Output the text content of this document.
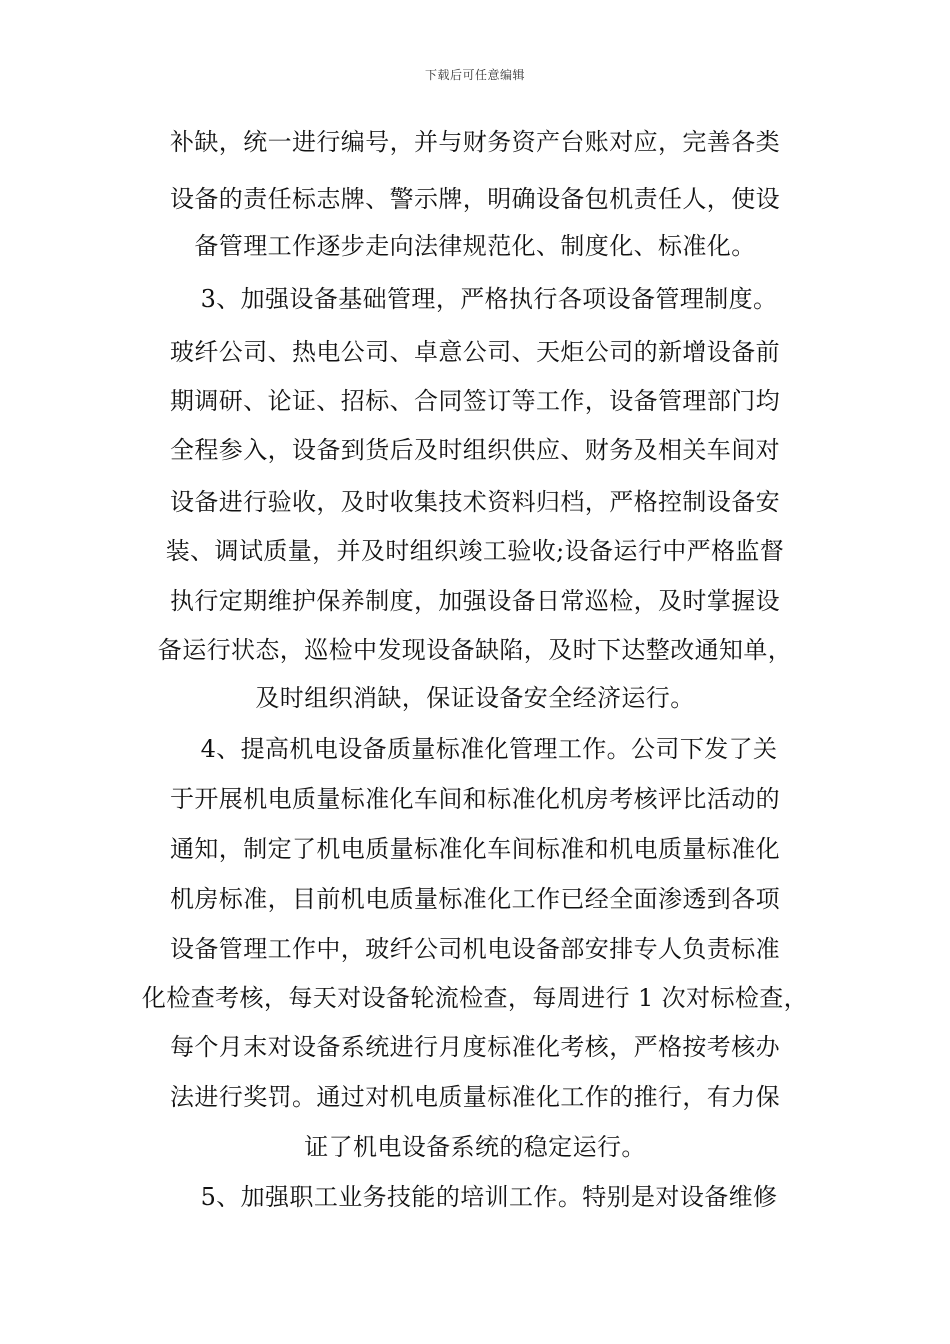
下载后可任意编辑
补缺，统一进行编号，并与财务资产台账对应，完善各类
设备的责任标志牌、警示牌，明确设备包机责任人，使设
备管理工作逐步走向法律规范化、制度化、标准化。
3、加强设备基础管理，严格执行各项设备管理制度。
玻纤公司、热电公司、卓意公司、天炬公司的新增设备前
期调研、论证、招标、合同签订等工作，设备管理部门均
全程参入，设备到货后及时组织供应、财务及相关车间对
设备进行验收，及时收集技术资料归档，严格控制设备安
装、调试质量，并及时组织竣工验收;设备运行中严格监督
执行定期维护保养制度，加强设备日常巡检，及时掌握设
备运行状态，巡检中发现设备缺陷，及时下达整改通知单，
及时组织消缺，保证设备安全经济运行。
4、提高机电设备质量标准化管理工作。公司下发了关
于开展机电质量标准化车间和标准化机房考核评比活动的
通知，制定了机电质量标准化车间标准和机电质量标准化
机房标准，目前机电质量标准化工作已经全面渗透到各项
设备管理工作中，玻纤公司机电设备部安排专人负责标准
化检查考核，每天对设备轮流检查，每周进行 1 次对标检查，
每个月末对设备系统进行月度标准化考核，严格按考核办
法进行奖罚。通过对机电质量标准化工作的推行，有力保
证了机电设备系统的稳定运行。
5、加强职工业务技能的培训工作。特别是对设备维修
